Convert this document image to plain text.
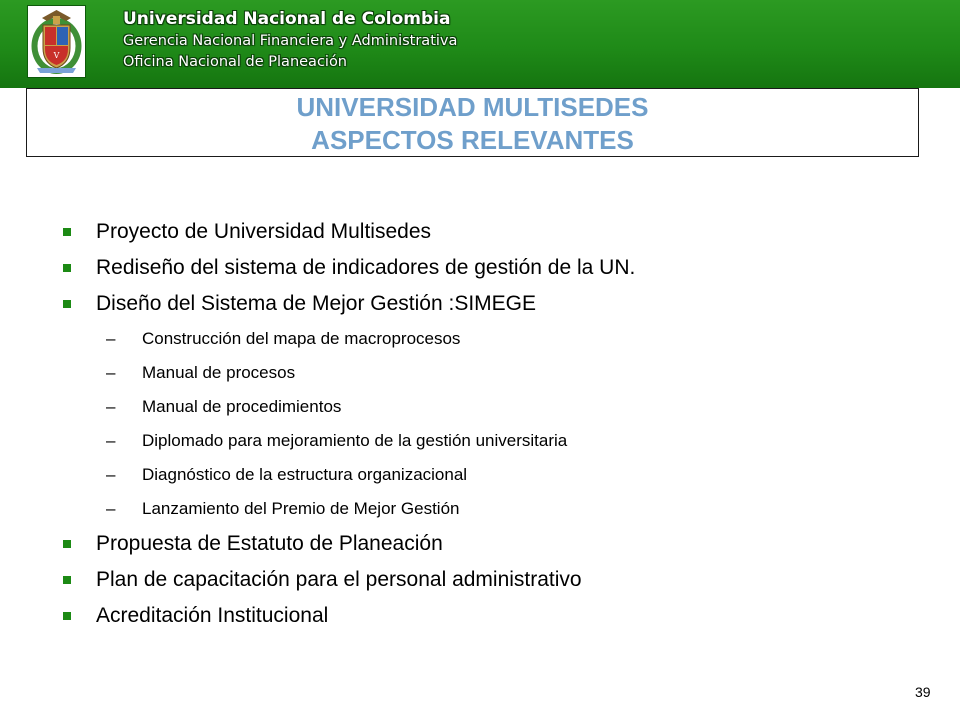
V
Universidad Nacional de Colombia
Gerencia Nacional Financiera y Administrativa
Oficina Nacional de Planeación
UNIVERSIDAD MULTISEDES
ASPECTOS RELEVANTES
Proyecto de Universidad Multisedes
Rediseño del sistema de indicadores de gestión de la UN.
Diseño del Sistema de Mejor Gestión :SIMEGE
– Construcción del mapa de macroprocesos
– Manual de procesos
– Manual de procedimientos
– Diplomado para mejoramiento de la gestión universitaria
– Diagnóstico de la estructura organizacional
– Lanzamiento del Premio de Mejor Gestión
Propuesta de Estatuto de Planeación
Plan de capacitación para el personal administrativo
Acreditación Institucional
39
